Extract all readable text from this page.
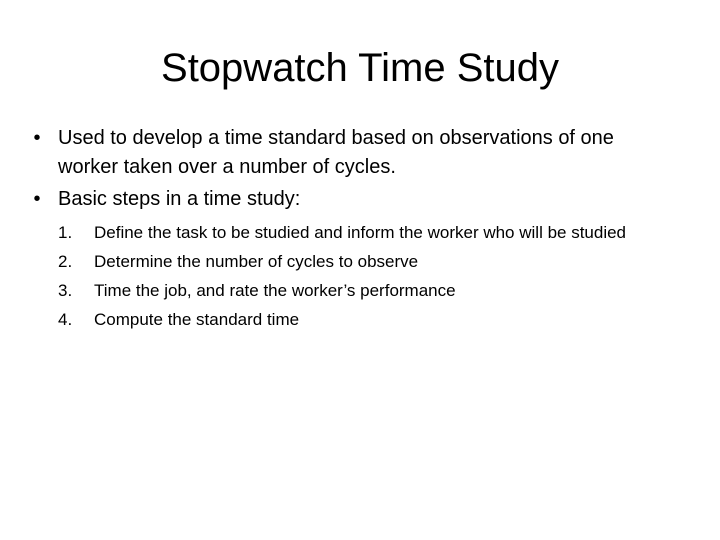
Stopwatch Time Study
• Used to develop a time standard based on observations of one worker taken over a number of cycles.
• Basic steps in a time study:
1. Define the task to be studied and inform the worker who will be studied
2. Determine the number of cycles to observe
3. Time the job, and rate the worker’s performance
4. Compute the standard time
